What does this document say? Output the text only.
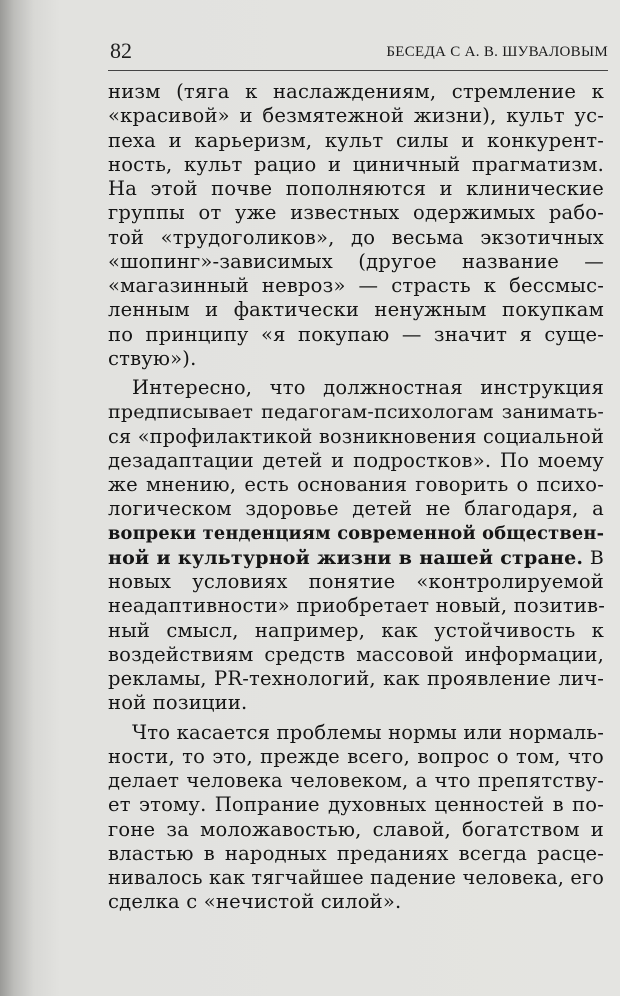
82	БЕСЕДА С А. В. ШУВАЛОВЫМ
низм (тяга к наслаждениям, стремление к
«красивой» и безмятежной жизни), культ ус-
пеха и карьеризм, культ силы и конкурент-
ность, культ рацио и циничный прагматизм.
На этой почве пополняются и клинические
группы от уже известных одержимых рабо-
той «трудоголиков», до весьма экзотичных
«шопинг»-зависимых (другое название —
«магазинный невроз» — страсть к бессмыс-
ленным и фактически ненужным покупкам
по принципу «я покупаю — значит я суще-
ствую»).
Интересно, что должностная инструкция
предписывает педагогам-психологам занимать-
ся «профилактикой возникновения социальной
дезадаптации детей и подростков». По моему
же мнению, есть основания говорить о психо-
логическом здоровье детей не благодаря, а
вопреки тенденциям современной обществен-
ной и культурной жизни в нашей стране. В
новых условиях понятие «контролируемой
неадаптивности» приобретает новый, позитив-
ный смысл, например, как устойчивость к
воздействиям средств массовой информации,
рекламы, PR-технологий, как проявление лич-
ной позиции.
Что касается проблемы нормы или нормаль-
ности, то это, прежде всего, вопрос о том, что
делает человека человеком, а что препятству-
ет этому. Попрание духовных ценностей в по-
гоне за моложавостью, славой, богатством и
властью в народных преданиях всегда расце-
нивалось как тягчайшее падение человека, его
сделка с «нечистой силой».
